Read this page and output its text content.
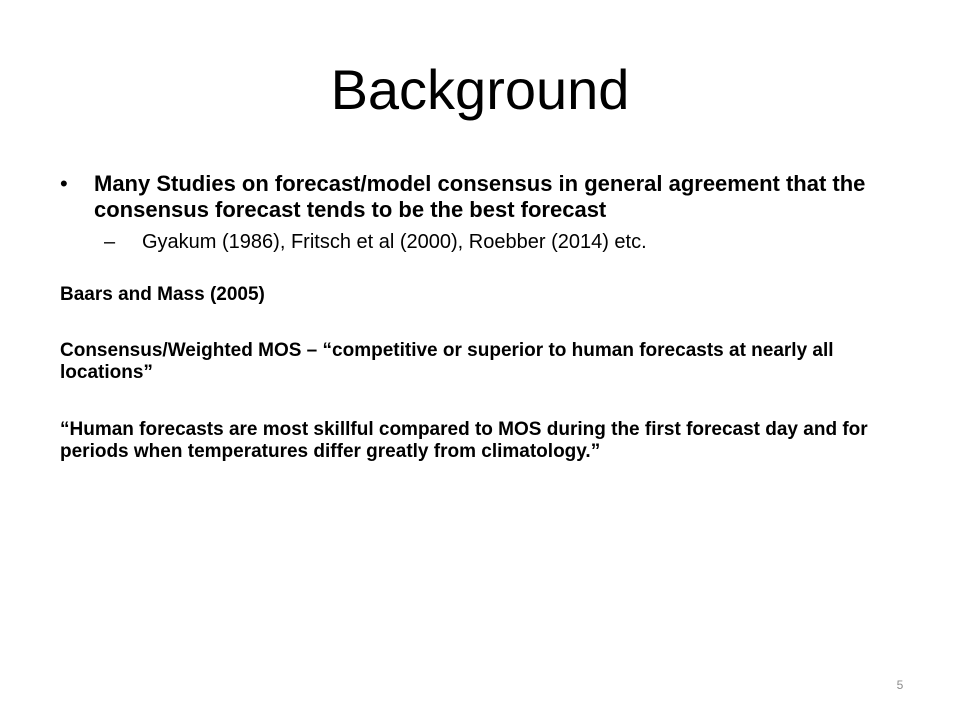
Background
• Many Studies on forecast/model consensus in general agreement that the consensus forecast tends to be the best forecast
– Gyakum (1986), Fritsch et al (2000), Roebber (2014) etc.
Baars and Mass (2005)
Consensus/Weighted MOS – “competitive or superior to human forecasts at nearly all locations”
“Human forecasts are most skillful compared to MOS during the first forecast day and for periods when temperatures differ greatly from climatology.”
5
